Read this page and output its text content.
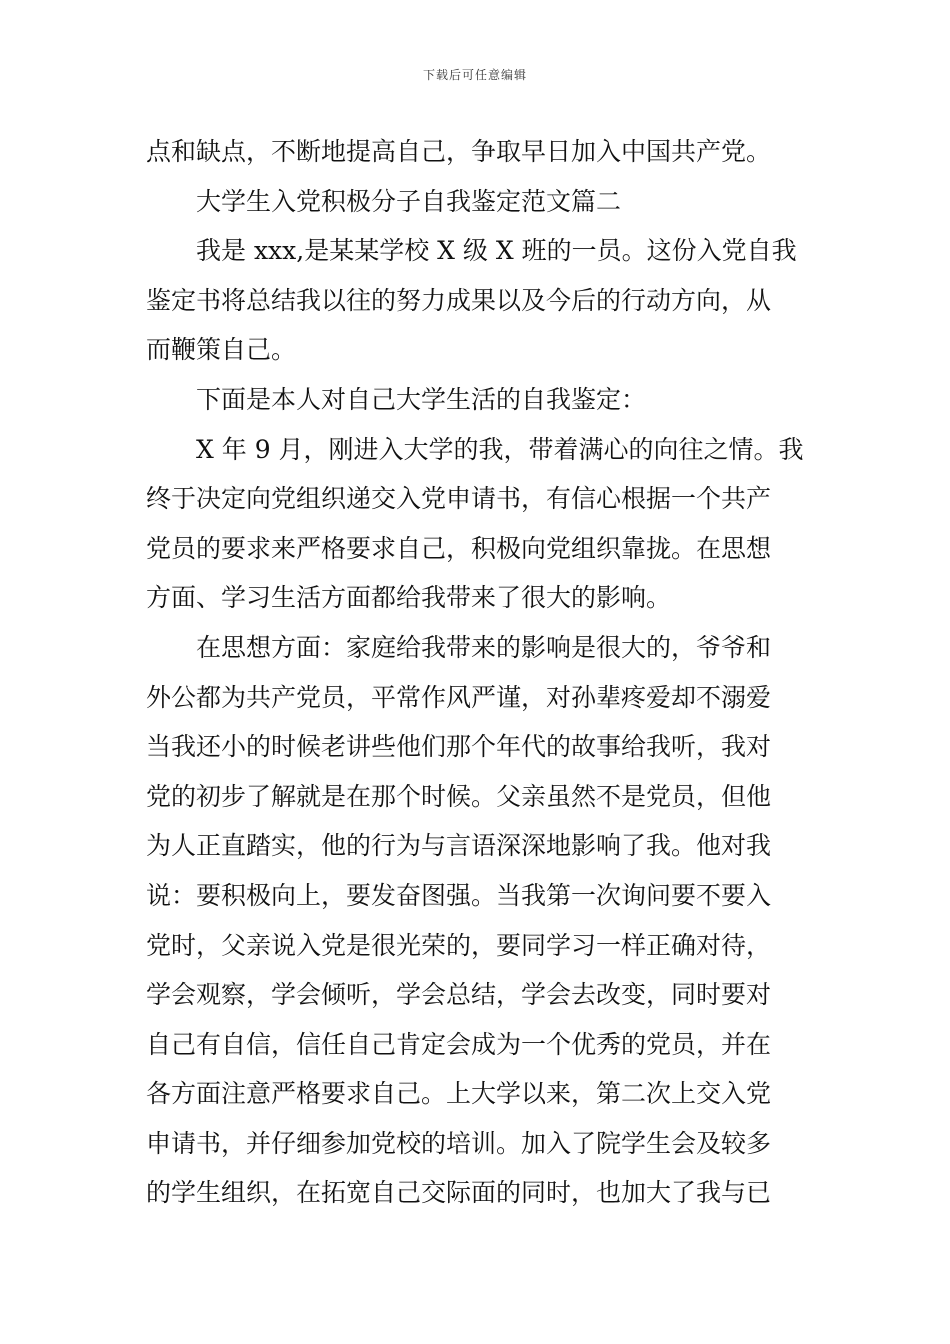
下载后可任意编辑
点和缺点，不断地提高自己，争取早日加入中国共产党。
大学生入党积极分子自我鉴定范文篇二
我是 xxx,是某某学校 X 级 X 班的一员。这份入党自我
鉴定书将总结我以往的努力成果以及今后的行动方向，从
而鞭策自己。
下面是本人对自己大学生活的自我鉴定：
X 年 9 月，刚进入大学的我，带着满心的向往之情。我
终于决定向党组织递交入党申请书，有信心根据一个共产
党员的要求来严格要求自己，积极向党组织靠拢。在思想
方面、学习生活方面都给我带来了很大的影响。
在思想方面：家庭给我带来的影响是很大的，爷爷和
外公都为共产党员，平常作风严谨，对孙辈疼爱却不溺爱
当我还小的时候老讲些他们那个年代的故事给我听，我对
党的初步了解就是在那个时候。父亲虽然不是党员，但他
为人正直踏实，他的行为与言语深深地影响了我。他对我
说：要积极向上，要发奋图强。当我第一次询问要不要入
党时，父亲说入党是很光荣的，要同学习一样正确对待，
学会观察，学会倾听，学会总结，学会去改变，同时要对
自己有自信，信任自己肯定会成为一个优秀的党员，并在
各方面注意严格要求自己。上大学以来，第二次上交入党
申请书，并仔细参加党校的培训。加入了院学生会及较多
的学生组织，在拓宽自己交际面的同时，也加大了我与已
